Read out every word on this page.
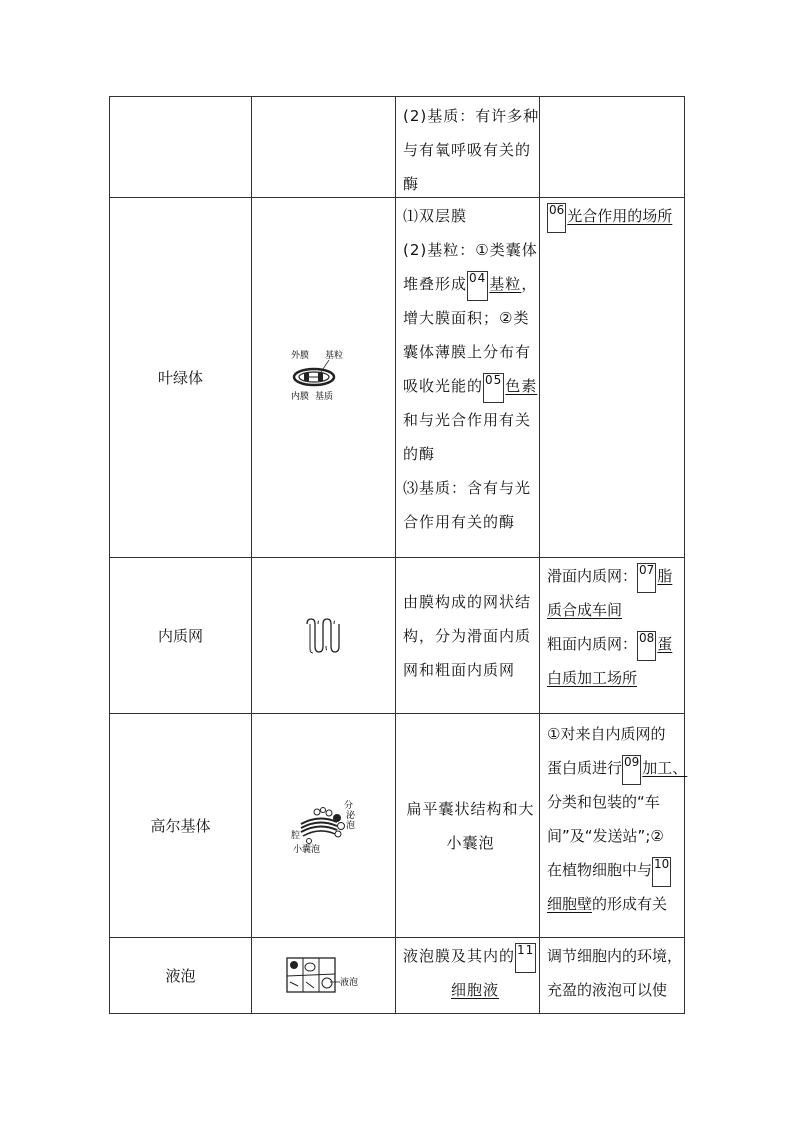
(2)基质：有许多种
与有氧呼吸有关的
酶
叶绿体
外膜 基粒
内膜 基质
⑴双层膜
(2)基粒：①类囊体
堆叠形成 04 基粒，
增大膜面积；②类
囊体薄膜上分布有
吸收光能的 05 色素
和与光合作用有关
的酶
⑶基质：含有与光
合作用有关的酶
06 光合作用的场所
内质网
由膜构成的网状结
构，分为滑面内质
网和粗面内质网
滑面内质网： 07 脂
质合成车间
粗面内质网： 08 蛋
白质加工场所
高尔基体
分
泌
泡
腔
小囊泡
扁平囊状结构和大
小囊泡
①对来自内质网的
蛋白质进行 09 加工、
分类和包装的“车
间”及“发送站”;②
在植物细胞中与 10
细胞壁的形成有关
液泡	液泡
液泡膜及其内的 11
细胞液
调节细胞内的环境，
充盈的液泡可以使
